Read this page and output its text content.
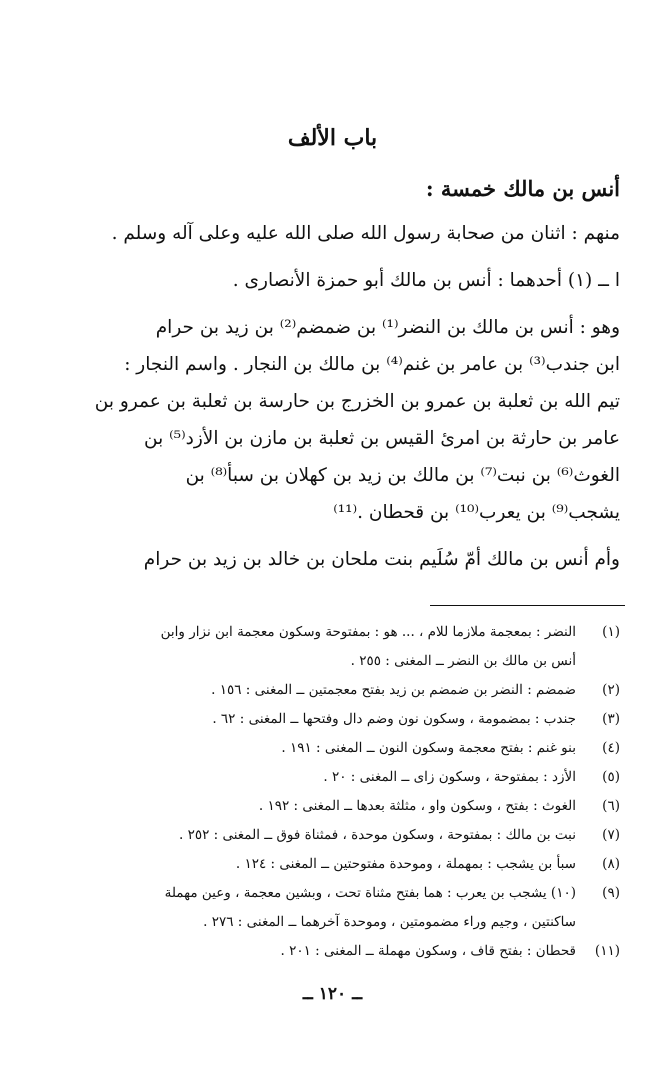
باب الألف

أنس بن مالك خمسة :

منهم : اثنان من صحابة رسول الله صلى الله عليه وعلى آله وسلم .

ا ــ (١) أحدهما : أنس بن مالك أبو حمزة الأنصارى .

وهو : أنس بن مالك بن النضر⁽¹⁾ بن ضمضم⁽²⁾ بن زيد بن حرام
ابن جندب⁽³⁾ بن عامر بن غنم⁽⁴⁾ بن مالك بن النجار . واسم النجار :
تيم الله بن ثعلبة بن عمرو بن الخزرج بن حارسة بن ثعلبة بن عمرو بن
عامر بن حارثة بن امرئ القيس بن ثعلبة بن مازن بن الأزد⁽⁵⁾ بن
الغوث⁽⁶⁾ بن نبت⁽⁷⁾ بن مالك بن زيد بن كهلان بن سبأ⁽⁸⁾ بن
يشجب⁽⁹⁾ بن يعرب⁽¹⁰⁾ بن قحطان .⁽¹¹⁾

وأم أنس بن مالك أمّ سُلَيم بنت ملحان بن خالد بن زيد بن حرام

(١)
النضر : بمعجمة ملازما للام ، ... هو : بمفتوحة وسكون معجمة ابن نزار وابن
أنس بن مالك بن النضر ــ المغنى : ٢٥٥ .
(٢)
ضمضم : النضر بن ضمضم بن زيد بفتح معجمتين ــ المغنى : ١٥٦ .
(٣)
جندب : بمضمومة ، وسكون نون وضم دال وفتحها ــ المغنى : ٦٢ .
(٤)
بنو غنم : بفتح معجمة وسكون النون ــ المغنى : ١٩١ .
(٥)
الأزد : بمفتوحة ، وسكون زاى ــ المغنى : ٢٠ .
(٦)
الغوث : بفتح ، وسكون واو ، مثلثة بعدها ــ المغنى : ١٩٢ .
(٧)
نبت بن مالك : بمفتوحة ، وسكون موحدة ، فمثناة فوق ــ المغنى : ٢٥٢ .
(٨)
سبأ بن يشجب : بمهملة ، وموحدة مفتوحتين ــ المغنى : ١٢٤ .
(٩)
(١٠) يشجب بن يعرب : هما بفتح مثناة تحت ، وبشين معجمة ، وعين مهملة
ساكنتين ، وجيم وراء مضمومتين ، وموحدة آخرهما ــ المغنى : ٢٧٦ .
(١١)
قحطان : بفتح قاف ، وسكون مهملة ــ المغنى : ٢٠١ .
ــ ١٢٠ ــ
